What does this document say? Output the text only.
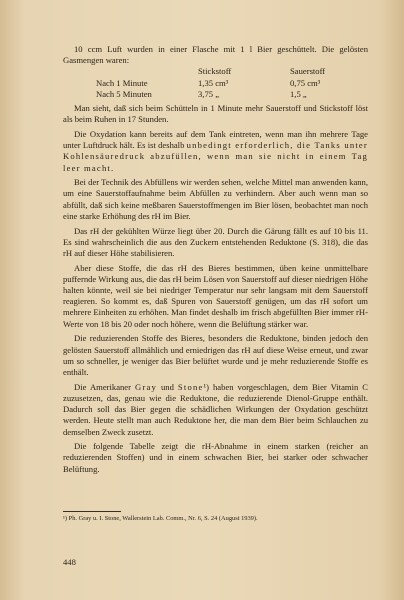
10 ccm Luft wurden in einer Flasche mit 1 l Bier geschüttelt. Die gelösten Gasmengen waren:

	Stickstoff	Sauerstoff
Nach 1 Minute	1,35 cm³	0,75 cm³
Nach 5 Minuten	3,75 „	1,5 „

Man sieht, daß sich beim Schütteln in 1 Minute mehr Sauerstoff und Stickstoff löst als beim Ruhen in 17 Stunden.

Die Oxydation kann bereits auf dem Tank eintreten, wenn man ihn mehrere Tage unter Luftdruck hält. Es ist deshalb unbedingt erforderlich, die Tanks unter Kohlensäuredruck abzufüllen, wenn man sie nicht in einem Tag leer macht.

Bei der Technik des Abfüllens wir werden sehen, welche Mittel man anwenden kann, um eine Sauerstoffaufnahme beim Abfüllen zu verhindern. Aber auch wenn man so abfüllt, daß sich keine meßbaren Sauerstoffmengen im Bier lösen, beobachtet man noch eine starke Erhöhung des rH im Bier.

Das rH der gekühlten Würze liegt über 20. Durch die Gärung fällt es auf 10 bis 11. Es sind wahrscheinlich die aus den Zuckern entstehenden Reduktone (S. 318), die das rH auf dieser Höhe stabilisieren.

Aber diese Stoffe, die das rH des Bieres bestimmen, üben keine unmittelbare puffernde Wirkung aus, die das rH beim Lösen von Sauerstoff auf dieser niedrigen Höhe halten könnte, weil sie bei niedriger Temperatur nur sehr langsam mit dem Sauerstoff reagieren. So kommt es, daß Spuren von Sauerstoff genügen, um das rH sofort um mehrere Einheiten zu erhöhen. Man findet deshalb im frisch abgefüllten Bier immer rH-Werte von 18 bis 20 oder noch höhere, wenn die Belüftung stärker war.

Die reduzierenden Stoffe des Bieres, besonders die Reduktone, binden jedoch den gelösten Sauerstoff allmählich und erniedrigen das rH auf diese Weise erneut, und zwar um so schneller, je weniger das Bier belüftet wurde und je mehr reduzierende Stoffe es enthält.

Die Amerikaner Gray und Stone¹) haben vorgeschlagen, dem Bier Vitamin C zuzusetzen, das, genau wie die Reduktone, die reduzierende Dienol-Gruppe enthält. Dadurch soll das Bier gegen die schädlichen Wirkungen der Oxydation geschützt werden. Heute stellt man auch Reduktone her, die man dem Bier beim Schlauchen zu demselben Zweck zusetzt.

Die folgende Tabelle zeigt die rH-Abnahme in einem starken (reicher an reduzierenden Stoffen) und in einem schwachen Bier, bei starker oder schwacher Belüftung.

¹) Ph. Gray u. I. Stone, Wallerstein Lab. Comm., Nr. 6, S. 24 (August 1939).
448
